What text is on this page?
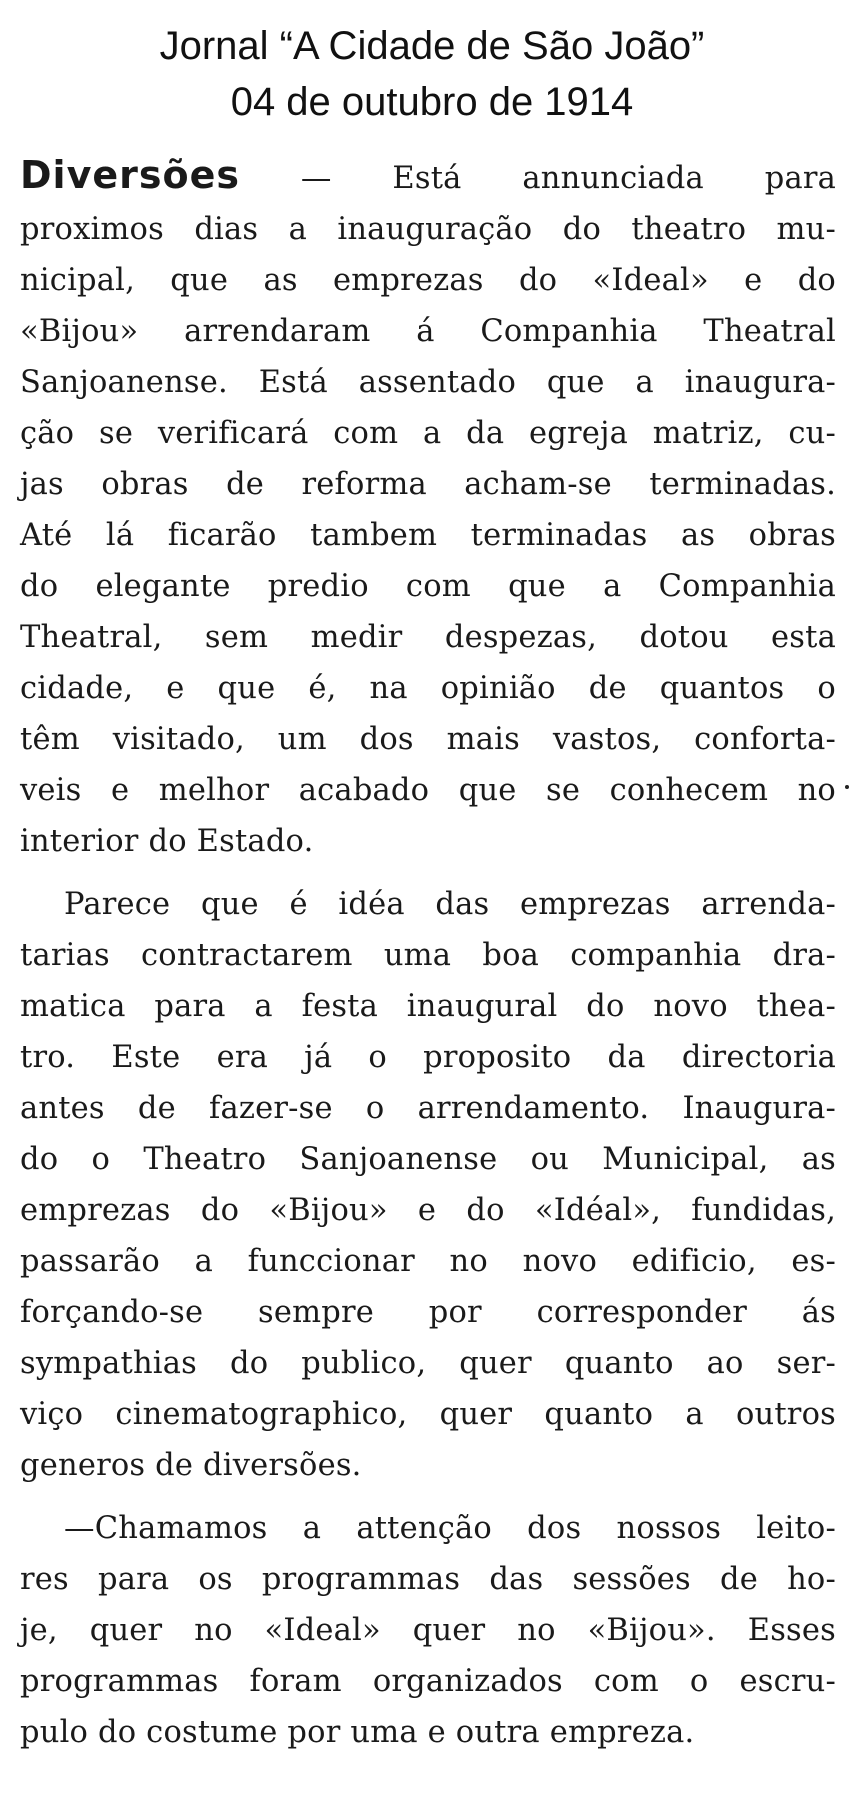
Jornal “A Cidade de São João”
04 de outubro de 1914

Diversões — Está annunciada para
proximos dias a inauguração do theatro mu-
nicipal, que as emprezas do «Ideal» e do
«Bijou» arrendaram á Companhia Theatral
Sanjoanense. Está assentado que a inaugura-
ção se verificará com a da egreja matriz, cu-
jas obras de reforma acham-se terminadas.
Até lá ficarão tambem terminadas as obras
do elegante predio com que a Companhia
Theatral, sem medir despezas, dotou esta
cidade, e que é, na opinião de quantos o
têm visitado, um dos mais vastos, conforta-
veis e melhor acabado que se conhecem no
interior do Estado.

Parece que é idéa das emprezas arrenda-
tarias contractarem uma boa companhia dra-
matica para a festa inaugural do novo thea-
tro. Este era já o proposito da directoria
antes de fazer-se o arrendamento. Inaugura-
do o Theatro Sanjoanense ou Municipal, as
emprezas do «Bijou» e do «Idéal», fundidas,
passarão a funccionar no novo edificio, es-
forçando-se sempre por corresponder ás
sympathias do publico, quer quanto ao ser-
viço cinematographico, quer quanto a outros
generos de diversões.

—Chamamos a attenção dos nossos leito-
res para os programmas das sessões de ho-
je, quer no «Ideal» quer no «Bijou». Esses
programmas foram organizados com o escru-
pulo do costume por uma e outra empreza.
